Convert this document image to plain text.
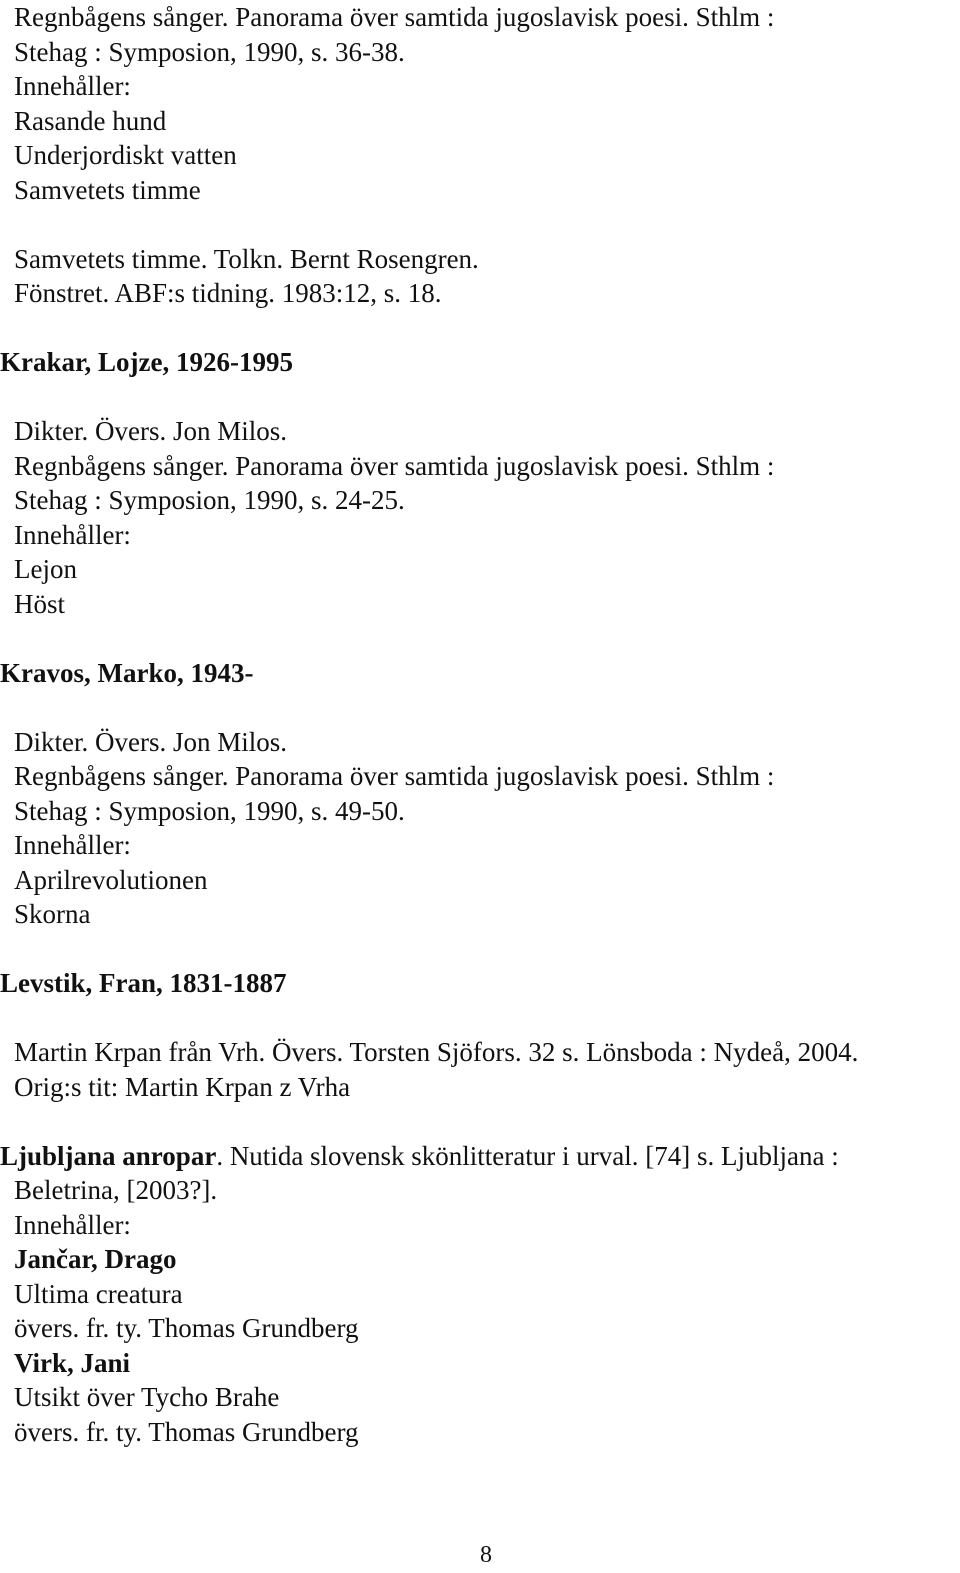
Regnbågens sånger. Panorama över samtida jugoslavisk poesi. Sthlm :
Stehag : Symposion, 1990, s. 36-38.
Innehåller:
Rasande hund
Underjordiskt vatten
Samvetets timme
Samvetets timme. Tolkn. Bernt Rosengren.
Fönstret. ABF:s tidning. 1983:12, s. 18.
Krakar, Lojze, 1926-1995
Dikter. Övers. Jon Milos.
Regnbågens sånger. Panorama över samtida jugoslavisk poesi. Sthlm :
Stehag : Symposion, 1990, s. 24-25.
Innehåller:
Lejon
Höst
Kravos, Marko, 1943-
Dikter. Övers. Jon Milos.
Regnbågens sånger. Panorama över samtida jugoslavisk poesi. Sthlm :
Stehag : Symposion, 1990, s. 49-50.
Innehåller:
Aprilrevolutionen
Skorna
Levstik, Fran, 1831-1887
Martin Krpan från Vrh. Övers. Torsten Sjöfors. 32 s. Lönsboda : Nydeå, 2004.
Orig:s tit: Martin Krpan z Vrha
Ljubljana anropar. Nutida slovensk skönlitteratur i urval. [74] s. Ljubljana :
Beletrina, [2003?].
Innehåller:
Jančar, Drago
Ultima creatura
övers. fr. ty. Thomas Grundberg
Virk, Jani
Utsikt över Tycho Brahe
övers. fr. ty. Thomas Grundberg
8
